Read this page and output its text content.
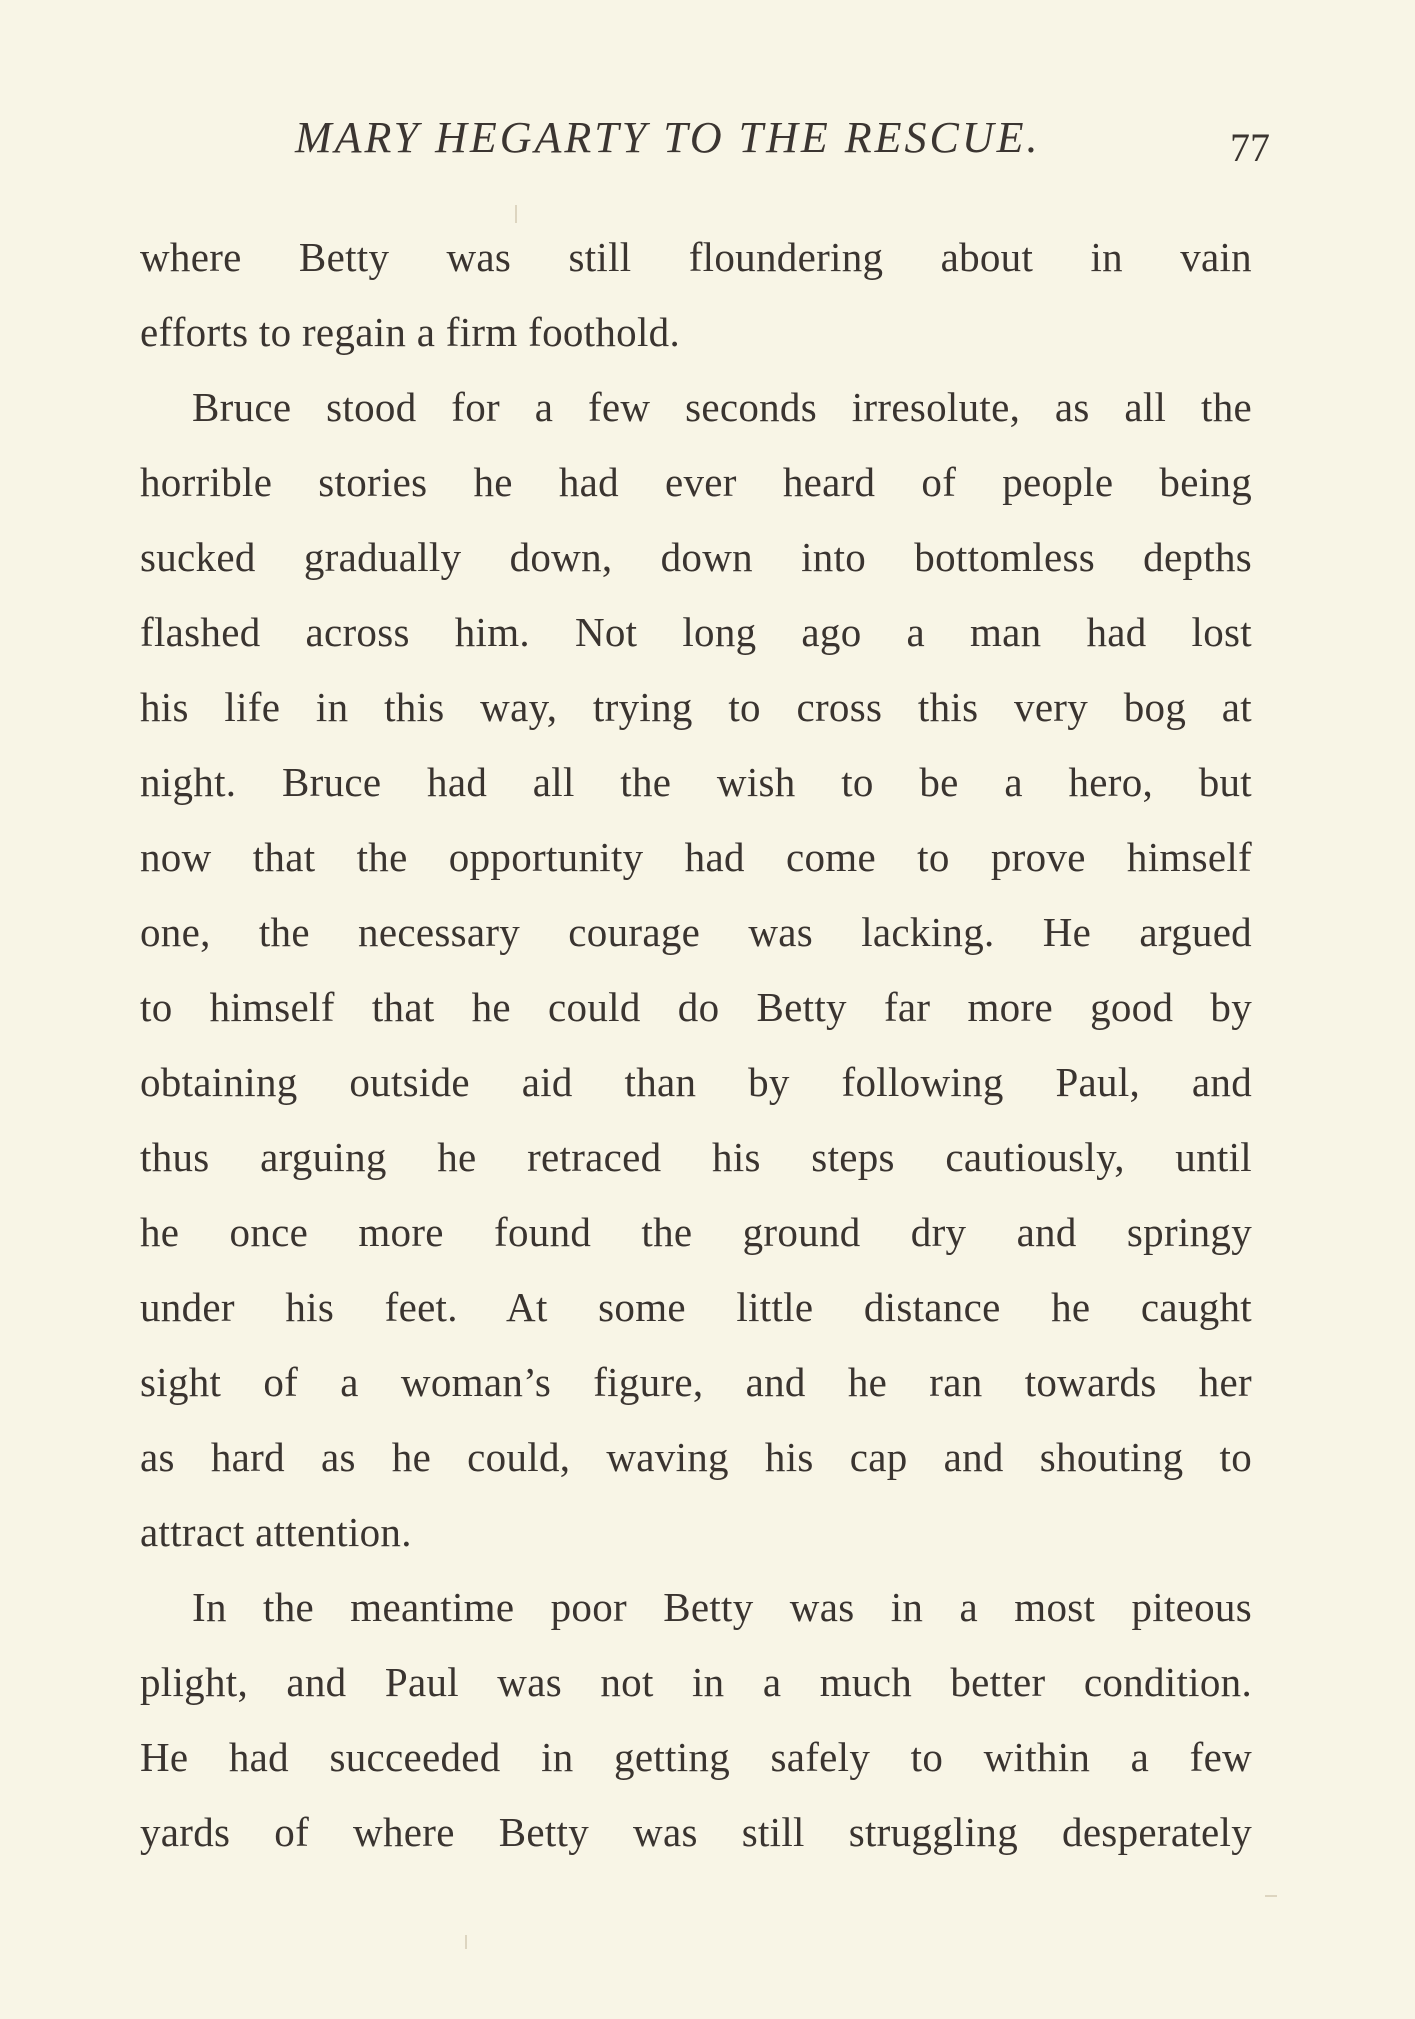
MARY HEGARTY TO THE RESCUE.	77
where Betty was still floundering about in vain
efforts to regain a firm foothold.
Bruce stood for a few seconds irresolute, as all the
horrible stories he had ever heard of people being
sucked gradually down, down into bottomless depths
flashed across him. Not long ago a man had lost
his life in this way, trying to cross this very bog at
night. Bruce had all the wish to be a hero, but
now that the opportunity had come to prove himself
one, the necessary courage was lacking. He argued
to himself that he could do Betty far more good by
obtaining outside aid than by following Paul, and
thus arguing he retraced his steps cautiously, until
he once more found the ground dry and springy
under his feet. At some little distance he caught
sight of a woman’s figure, and he ran towards her
as hard as he could, waving his cap and shouting to
attract attention.
In the meantime poor Betty was in a most piteous
plight, and Paul was not in a much better condition.
He had succeeded in getting safely to within a few
yards of where Betty was still struggling desperately
